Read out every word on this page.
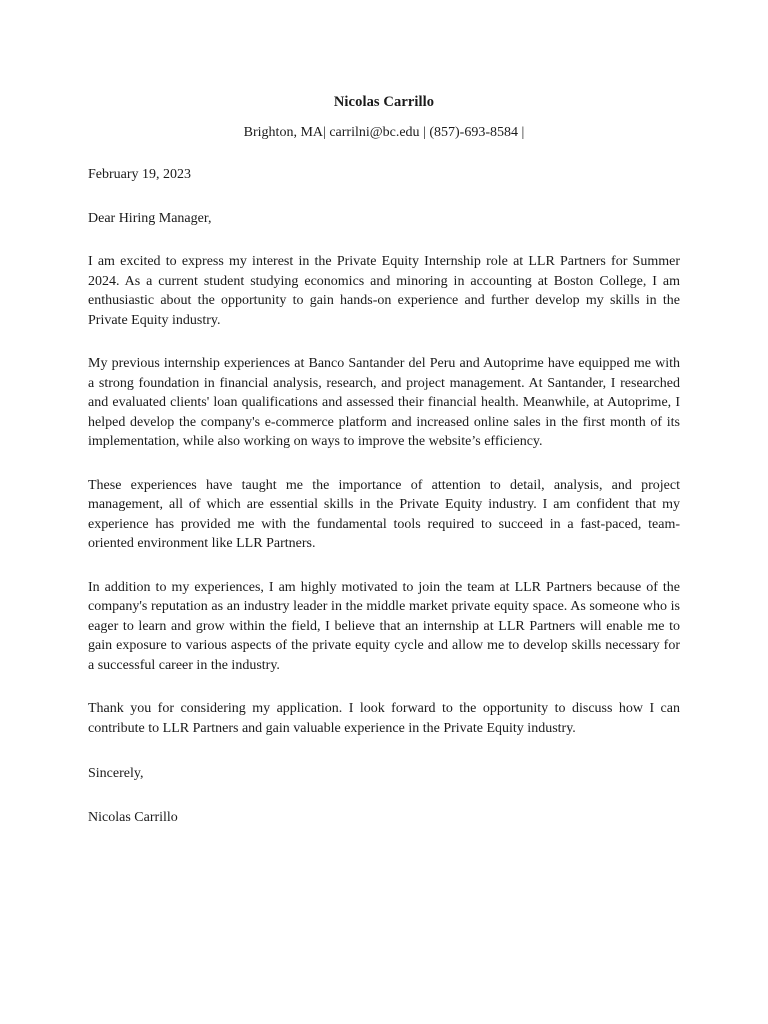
Nicolas Carrillo
Brighton, MA| carrilni@bc.edu | (857)-693-8584 |
February 19, 2023
Dear Hiring Manager,

I am excited to express my interest in the Private Equity Internship role at LLR Partners for Summer 2024. As a current student studying economics and minoring in accounting at Boston College, I am enthusiastic about the opportunity to gain hands-on experience and further develop my skills in the Private Equity industry.

My previous internship experiences at Banco Santander del Peru and Autoprime have equipped me with a strong foundation in financial analysis, research, and project management. At Santander, I researched and evaluated clients' loan qualifications and assessed their financial health. Meanwhile, at Autoprime, I helped develop the company's e-commerce platform and increased online sales in the first month of its implementation, while also working on ways to improve the website’s efficiency.

These experiences have taught me the importance of attention to detail, analysis, and project management, all of which are essential skills in the Private Equity industry. I am confident that my experience has provided me with the fundamental tools required to succeed in a fast-paced, team-oriented environment like LLR Partners.

In addition to my experiences, I am highly motivated to join the team at LLR Partners because of the company's reputation as an industry leader in the middle market private equity space. As someone who is eager to learn and grow within the field, I believe that an internship at LLR Partners will enable me to gain exposure to various aspects of the private equity cycle and allow me to develop skills necessary for a successful career in the industry.

Thank you for considering my application. I look forward to the opportunity to discuss how I can contribute to LLR Partners and gain valuable experience in the Private Equity industry.

Sincerely,
Nicolas Carrillo
